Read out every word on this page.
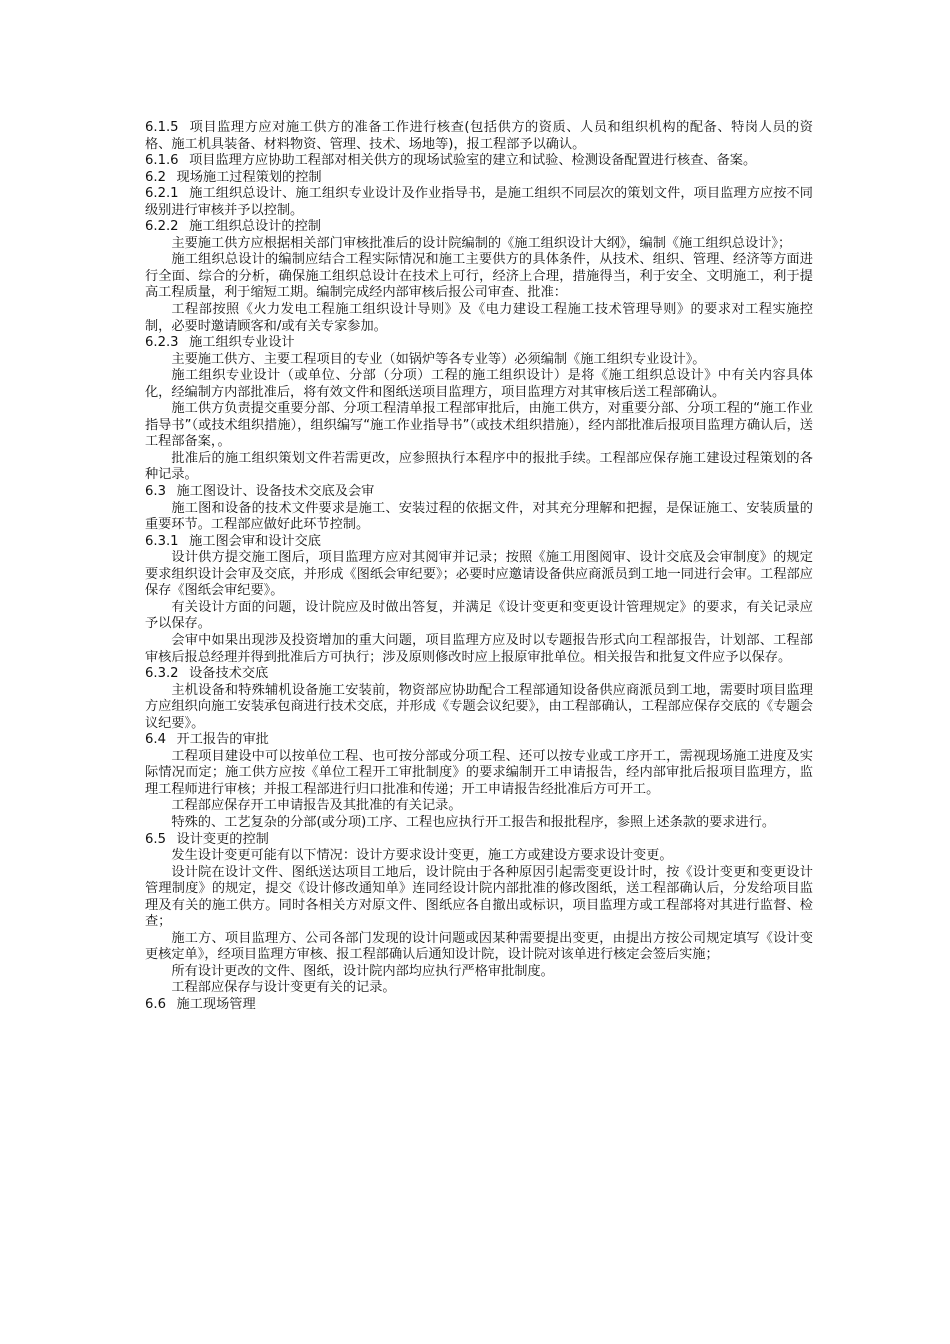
6.1.5 项目监理方应对施工供方的准备工作进行核查(包括供方的资质、人员和组织机构的配备、特岗人员的资格、施工机具装备、材料物资、管理、技术、场地等)，报工程部予以确认。

6.1.6 项目监理方应协助工程部对相关供方的现场试验室的建立和试验、检测设备配置进行核查、备案。

6.2 现场施工过程策划的控制

6.2.1 施工组织总设计、施工组织专业设计及作业指导书，是施工组织不同层次的策划文件，项目监理方应按不同级别进行审核并予以控制。

6.2.2 施工组织总设计的控制

主要施工供方应根据相关部门审核批准后的设计院编制的《施工组织设计大纲》，编制《施工组织总设计》；

施工组织总设计的编制应结合工程实际情况和施工主要供方的具体条件，从技术、组织、管理、经济等方面进行全面、综合的分析，确保施工组织总设计在技术上可行，经济上合理，措施得当，利于安全、文明施工，利于提高工程质量，利于缩短工期。编制完成经内部审核后报公司审查、批准：

工程部按照《火力发电工程施工组织设计导则》及《电力建设工程施工技术管理导则》的要求对工程实施控制，必要时邀请顾客和/或有关专家参加。

6.2.3 施工组织专业设计

主要施工供方、主要工程项目的专业（如锅炉等各专业等）必须编制《施工组织专业设计》。

施工组织专业设计（或单位、分部（分项）工程的施工组织设计）是将《施工组织总设计》中有关内容具体化，经编制方内部批准后，将有效文件和图纸送项目监理方，项目监理方对其审核后送工程部确认。

施工供方负责提交重要分部、分项工程清单报工程部审批后，由施工供方，对重要分部、分项工程的“施工作业指导书”（或技术组织措施），组织编写“施工作业指导书”（或技术组织措施），经内部批准后报项目监理方确认后，送工程部备案，。

批准后的施工组织策划文件若需更改，应参照执行本程序中的报批手续。工程部应保存施工建设过程策划的各种记录。

6.3 施工图设计、设备技术交底及会审

施工图和设备的技术文件要求是施工、安装过程的依据文件，对其充分理解和把握，是保证施工、安装质量的重要环节。工程部应做好此环节控制。

6.3.1 施工图会审和设计交底

设计供方提交施工图后，项目监理方应对其阅审并记录；按照《施工用图阅审、设计交底及会审制度》的规定要求组织设计会审及交底，并形成《图纸会审纪要》；必要时应邀请设备供应商派员到工地一同进行会审。工程部应保存《图纸会审纪要》。

有关设计方面的问题，设计院应及时做出答复，并满足《设计变更和变更设计管理规定》的要求，有关记录应予以保存。

会审中如果出现涉及投资增加的重大问题，项目监理方应及时以专题报告形式向工程部报告，计划部、工程部审核后报总经理并得到批准后方可执行；涉及原则修改时应上报原审批单位。相关报告和批复文件应予以保存。

6.3.2 设备技术交底

主机设备和特殊辅机设备施工安装前，物资部应协助配合工程部通知设备供应商派员到工地，需要时项目监理方应组织向施工安装承包商进行技术交底，并形成《专题会议纪要》，由工程部确认，工程部应保存交底的《专题会议纪要》。

6.4 开工报告的审批

工程项目建设中可以按单位工程、也可按分部或分项工程、还可以按专业或工序开工，需视现场施工进度及实际情况而定；施工供方应按《单位工程开工审批制度》的要求编制开工申请报告，经内部审批后报项目监理方，监理工程师进行审核；并报工程部进行归口批准和传递；开工申请报告经批准后方可开工。

工程部应保存开工申请报告及其批准的有关记录。

特殊的、工艺复杂的分部(或分项)工序、工程也应执行开工报告和报批程序，参照上述条款的要求进行。

6.5 设计变更的控制

发生设计变更可能有以下情况：设计方要求设计变更，施工方或建设方要求设计变更。

设计院在设计文件、图纸送达项目工地后，设计院由于各种原因引起需变更设计时，按《设计变更和变更设计管理制度》的规定，提交《设计修改通知单》连同经设计院内部批准的修改图纸，送工程部确认后，分发给项目监理及有关的施工供方。同时各相关方对原文件、图纸应各自撤出或标识，项目监理方或工程部将对其进行监督、检查；

施工方、项目监理方、公司各部门发现的设计问题或因某种需要提出变更，由提出方按公司规定填写《设计变更核定单》，经项目监理方审核、报工程部确认后通知设计院，设计院对该单进行核定会签后实施；

所有设计更改的文件、图纸，设计院内部均应执行严格审批制度。

工程部应保存与设计变更有关的记录。

6.6 施工现场管理
